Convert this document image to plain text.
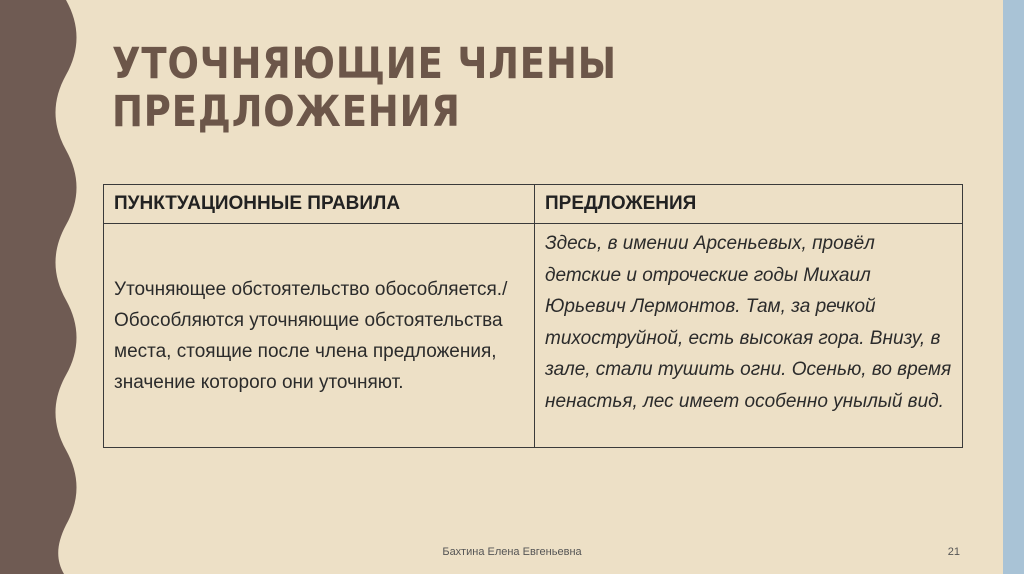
УТОЧНЯЮЩИЕ ЧЛЕНЫ
ПРЕДЛОЖЕНИЯ
ПУНКТУАЦИОННЫЕ ПРАВИЛА	ПРЕДЛОЖЕНИЯ
Уточняющее обстоятельство обособляется./Обособляются уточняющие обстоятельства места, стоящие после члена предложения, значение которого они уточняют.	Здесь, в имении Арсеньевых, провёл детские и отроческие годы Михаил Юрьевич Лермонтов. Там, за речкой тихоструйной, есть высокая гора. Внизу, в зале, стали тушить огни. Осенью, во время ненастья, лес имеет особенно унылый вид.
Бахтина Елена Евгеньевна	21
